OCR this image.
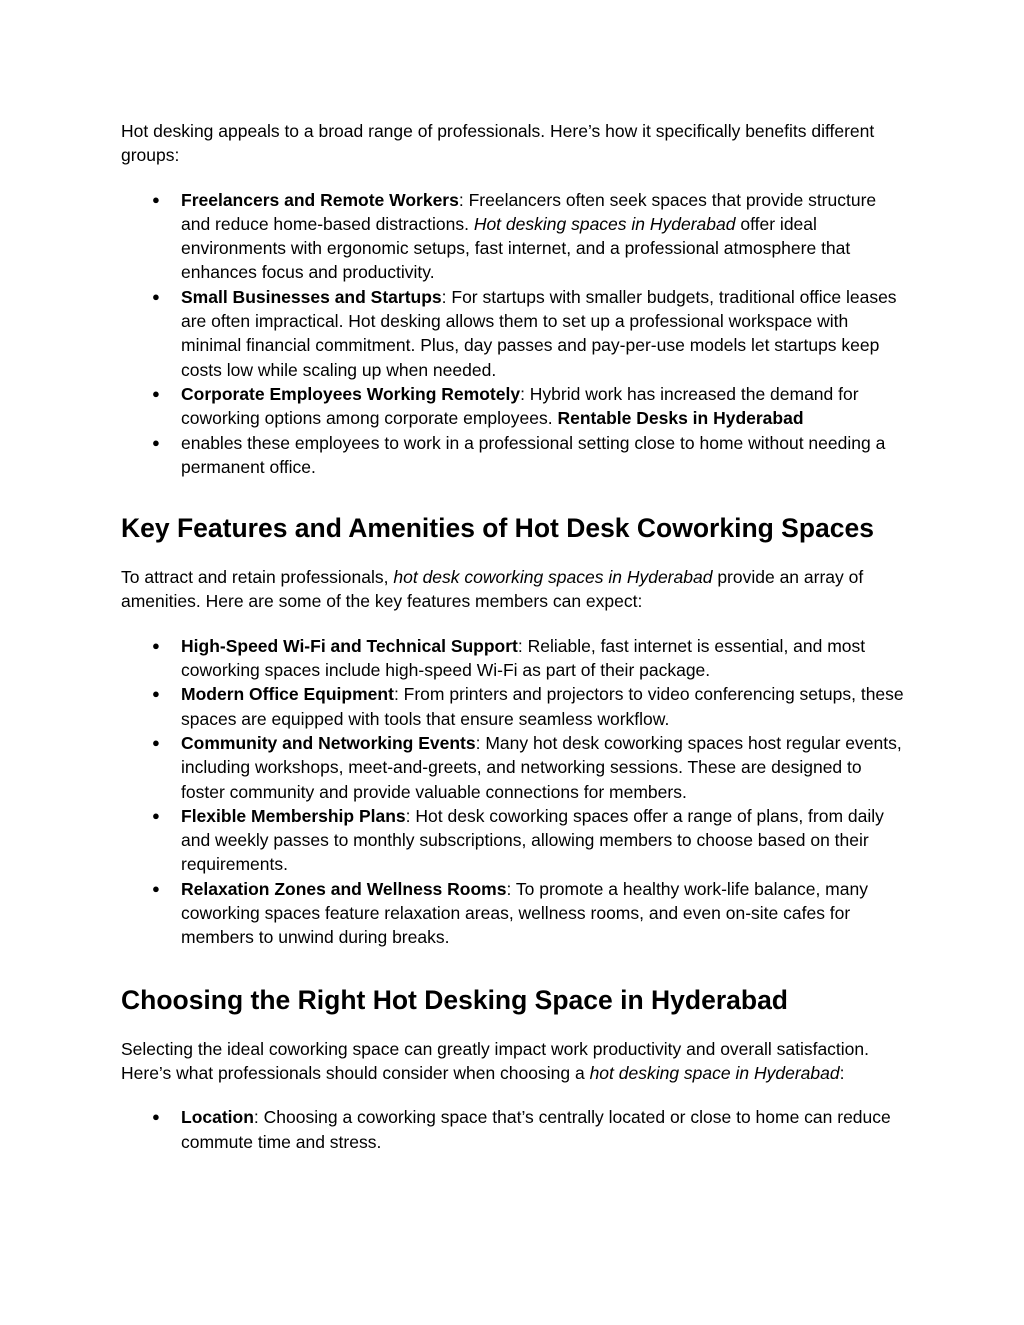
Hot desking appeals to a broad range of professionals. Here’s how it specifically benefits different groups:

● Freelancers and Remote Workers: Freelancers often seek spaces that provide structure and reduce home-based distractions. Hot desking spaces in Hyderabad offer ideal environments with ergonomic setups, fast internet, and a professional atmosphere that enhances focus and productivity.
● Small Businesses and Startups: For startups with smaller budgets, traditional office leases are often impractical. Hot desking allows them to set up a professional workspace with minimal financial commitment. Plus, day passes and pay-per-use models let startups keep costs low while scaling up when needed.
● Corporate Employees Working Remotely: Hybrid work has increased the demand for coworking options among corporate employees. Rentable Desks in Hyderabad
● enables these employees to work in a professional setting close to home without needing a permanent office.
Key Features and Amenities of Hot Desk Coworking Spaces

To attract and retain professionals, hot desk coworking spaces in Hyderabad provide an array of amenities. Here are some of the key features members can expect:

● High-Speed Wi-Fi and Technical Support: Reliable, fast internet is essential, and most coworking spaces include high-speed Wi-Fi as part of their package.
● Modern Office Equipment: From printers and projectors to video conferencing setups, these spaces are equipped with tools that ensure seamless workflow.
● Community and Networking Events: Many hot desk coworking spaces host regular events, including workshops, meet-and-greets, and networking sessions. These are designed to foster community and provide valuable connections for members.
● Flexible Membership Plans: Hot desk coworking spaces offer a range of plans, from daily and weekly passes to monthly subscriptions, allowing members to choose based on their requirements.
● Relaxation Zones and Wellness Rooms: To promote a healthy work-life balance, many coworking spaces feature relaxation areas, wellness rooms, and even on-site cafes for members to unwind during breaks.
Choosing the Right Hot Desking Space in Hyderabad

Selecting the ideal coworking space can greatly impact work productivity and overall satisfaction. Here’s what professionals should consider when choosing a hot desking space in Hyderabad:

● Location: Choosing a coworking space that’s centrally located or close to home can reduce commute time and stress.
